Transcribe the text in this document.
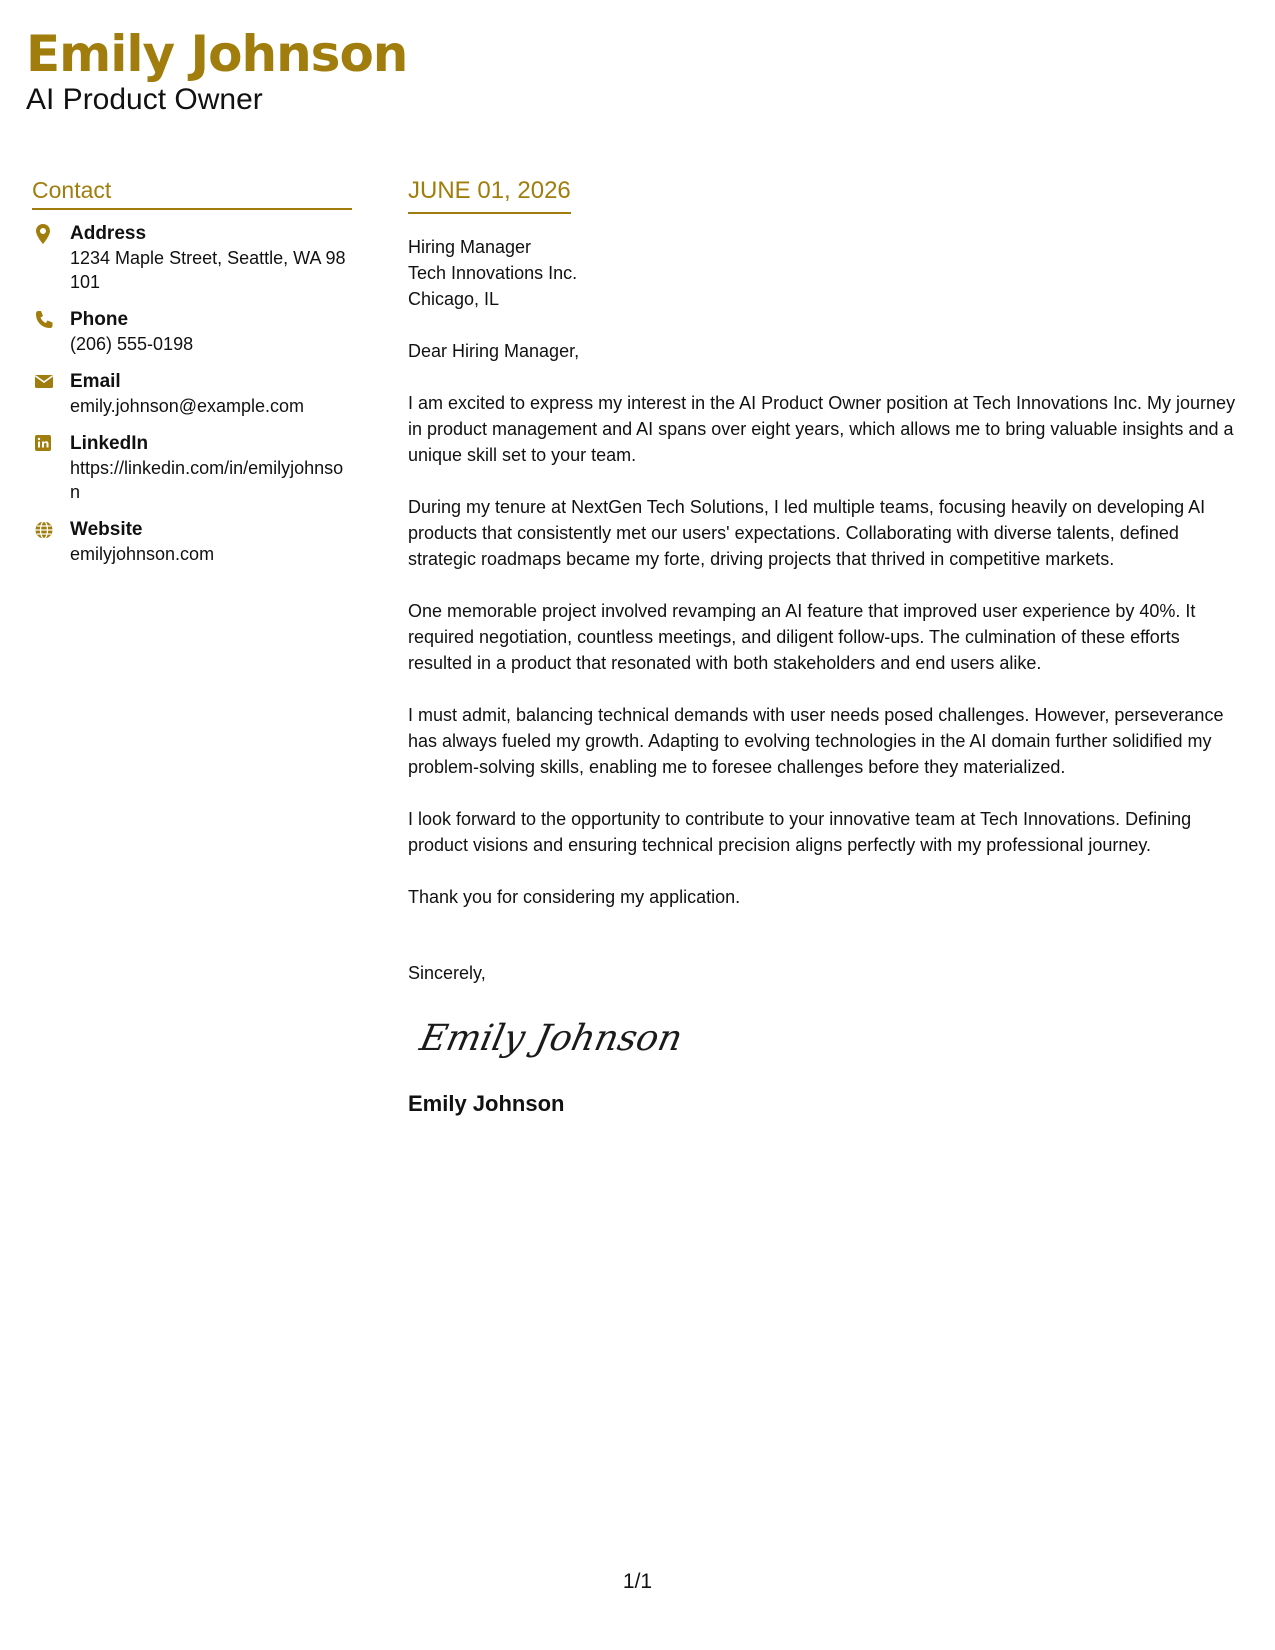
Emily Johnson
AI Product Owner
Contact
Address
1234 Maple Street, Seattle, WA 98101
Phone
(206) 555-0198
Email
emily.johnson@example.com
LinkedIn
https://linkedin.com/in/emilyjohnson
Website
emilyjohnson.com
JUNE 01, 2026
Hiring Manager
Tech Innovations Inc.
Chicago, IL
Dear Hiring Manager,

I am excited to express my interest in the AI Product Owner position at Tech Innovations Inc. My journey in product management and AI spans over eight years, which allows me to bring valuable insights and a unique skill set to your team.

During my tenure at NextGen Tech Solutions, I led multiple teams, focusing heavily on developing AI products that consistently met our users' expectations. Collaborating with diverse talents, defined strategic roadmaps became my forte, driving projects that thrived in competitive markets.

One memorable project involved revamping an AI feature that improved user experience by 40%. It required negotiation, countless meetings, and diligent follow-ups. The culmination of these efforts resulted in a product that resonated with both stakeholders and end users alike.

I must admit, balancing technical demands with user needs posed challenges. However, perseverance has always fueled my growth. Adapting to evolving technologies in the AI domain further solidified my problem-solving skills, enabling me to foresee challenges before they materialized.

I look forward to the opportunity to contribute to your innovative team at Tech Innovations. Defining product visions and ensuring technical precision aligns perfectly with my professional journey.

Thank you for considering my application.

Sincerely,
Emily Johnson
Emily Johnson
1/1
